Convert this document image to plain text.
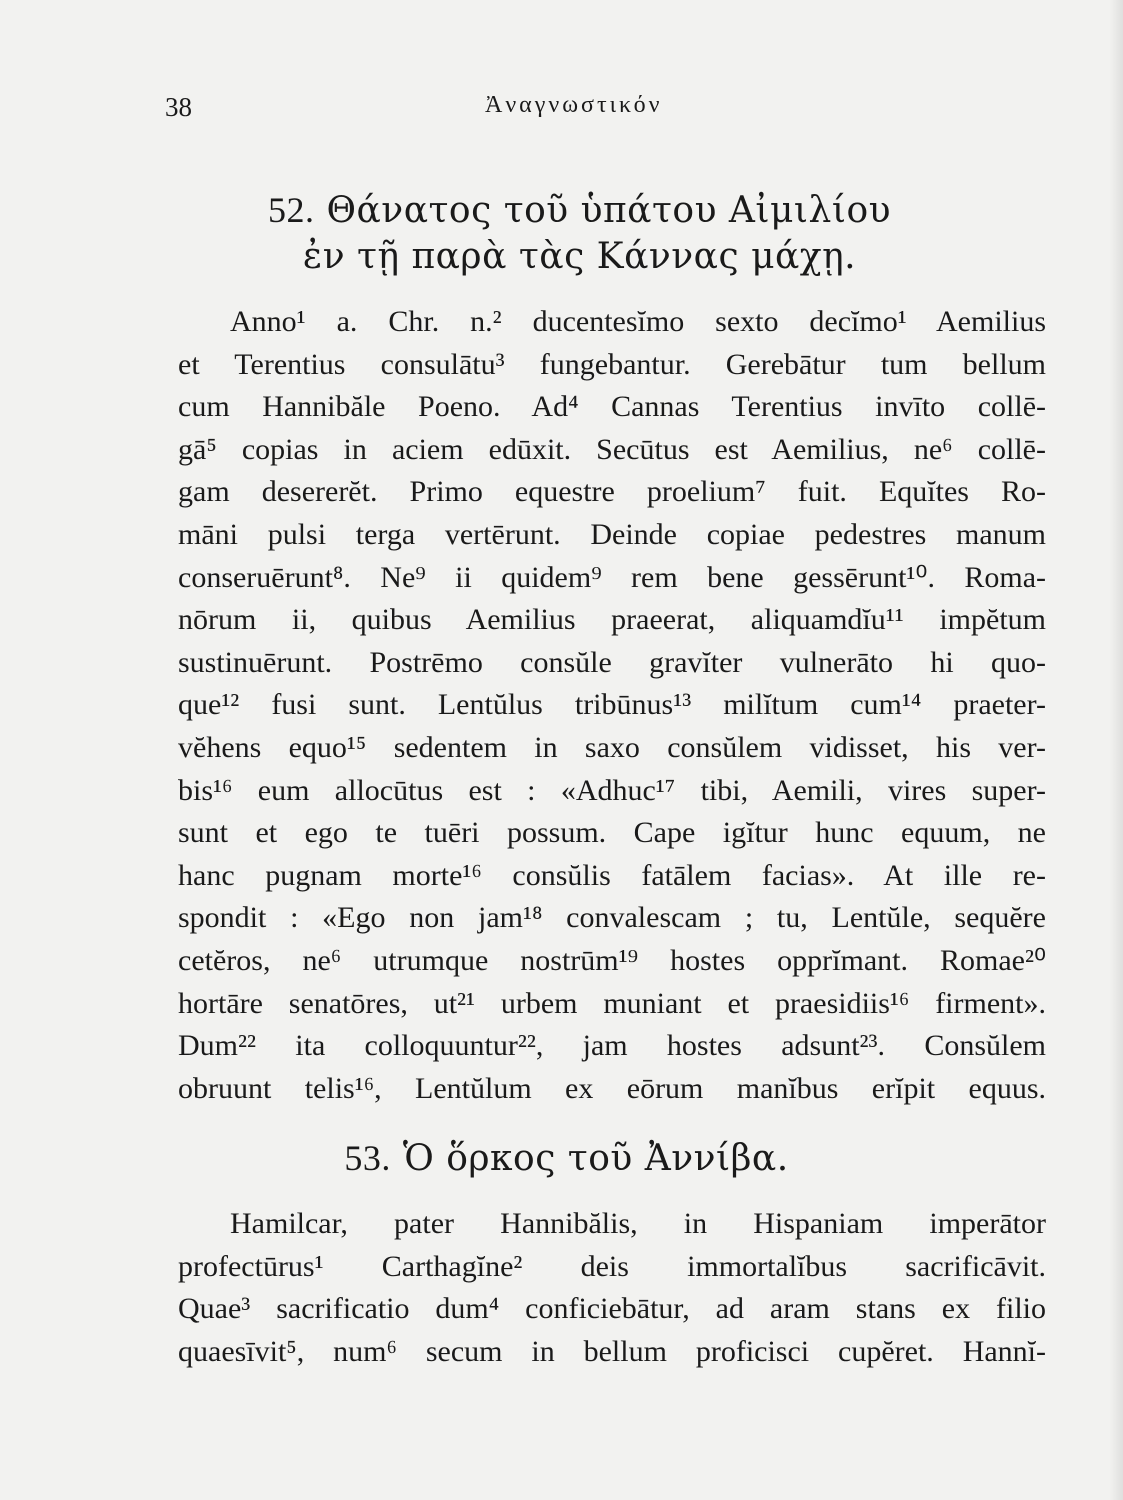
38	Ἀναγνωστικόν
52. Θάνατος τοῦ ὑπάτου Αἰμιλίου
ἐν τῇ παρὰ τὰς Κάννας μάχῃ.
Anno¹ a. Chr. n.² ducentesĭmo sexto decĭmo¹ Aemilius
et Terentius consulātu³ fungebantur. Gerebātur tum bellum
cum Hannibăle Poeno. Ad⁴ Cannas Terentius invīto collē-
gā⁵ copias in aciem edūxit. Secūtus est Aemilius, ne⁶ collē-
gam desererĕt. Primo equestre proelium⁷ fuit. Equĭtes Ro-
māni pulsi terga vertērunt. Deinde copiae pedestres manum
conseruērunt⁸. Ne⁹ ii quidem⁹ rem bene gessērunt¹⁰. Roma-
nōrum ii, quibus Aemilius praeerat, aliquamdĭu¹¹ impĕtum
sustinuērunt. Postrēmo consŭle gravĭter vulnerāto hi quo-
que¹² fusi sunt. Lentŭlus tribūnus¹³ milĭtum cum¹⁴ praeter-
vĕhens equo¹⁵ sedentem in saxo consŭlem vidisset, his ver-
bis¹⁶ eum allocūtus est : «Adhuc¹⁷ tibi, Aemili, vires super-
sunt et ego te tuēri possum. Cape igĭtur hunc equum, ne
hanc pugnam morte¹⁶ consŭlis fatālem facias». At ille re-
spondit : «Ego non jam¹⁸ convalescam ; tu, Lentŭle, sequĕre
cetĕros, ne⁶ utrumque nostrūm¹⁹ hostes opprĭmant. Romae²⁰
hortāre senatōres, ut²¹ urbem muniant et praesidiis¹⁶ firment».
Dum²² ita colloquuntur²², jam hostes adsunt²³. Consŭlem
obruunt telis¹⁶, Lentŭlum ex eōrum manĭbus erĭpit equus.
53. Ὁ ὅρκος τοῦ Ἀννίβα.
Hamilcar, pater Hannibălis, in Hispaniam imperātor
profectūrus¹ Carthagĭne² deis immortalĭbus sacrificāvit.
Quae³ sacrificatio dum⁴ conficiebātur, ad aram stans ex filio
quaesīvit⁵, num⁶ secum in bellum proficisci cupĕret. Hannĭ-
